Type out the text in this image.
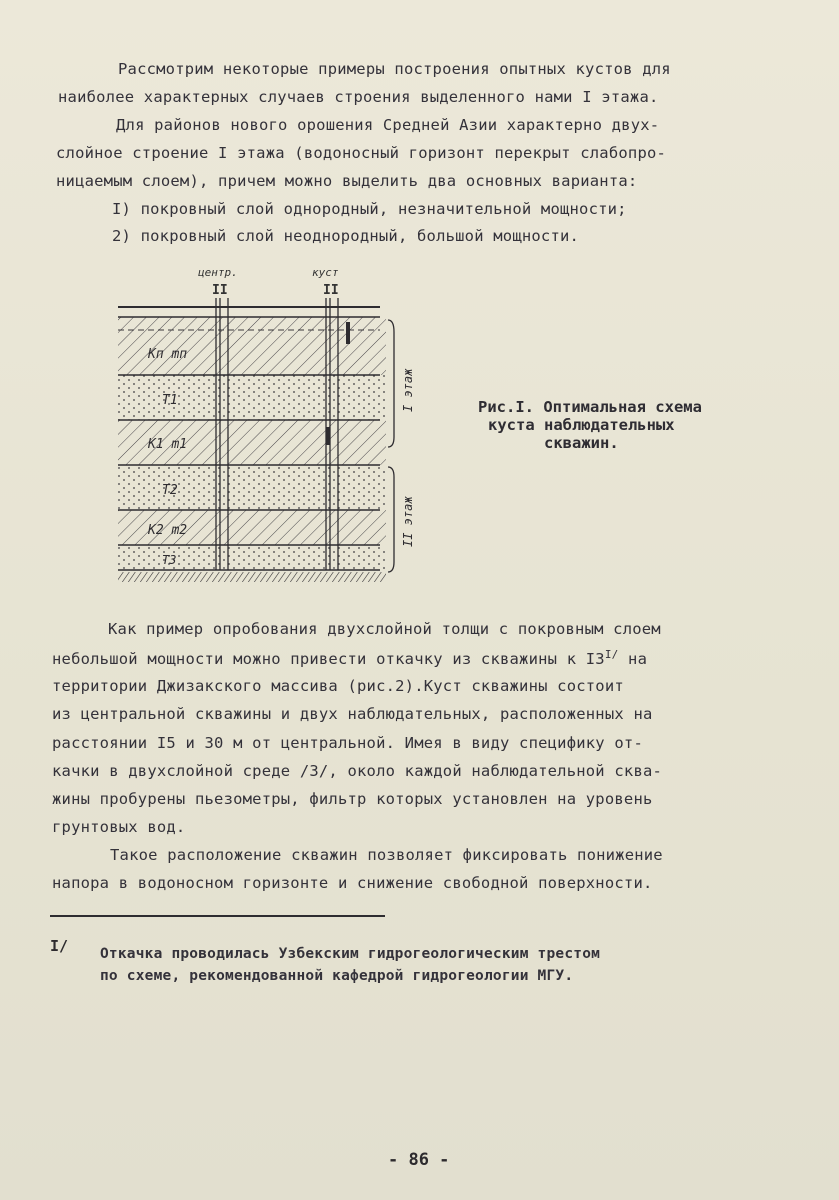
Рассмотрим некоторые примеры построения опытных кустов для
наиболее характерных случаев строения выделенного нами I этажа.
Для районов нового орошения Средней Азии характерно двух-
слойное строение I этажа (водоносный горизонт перекрыт слабопро-
ницаемым слоем), причем можно выделить два основных варианта:
I) покровный слой однородный, незначительной мощности;
2) покровный слой неоднородный, большой мощности.
центр.	куст
II	II
Kп mп
T1
K1 m1
T2
K2 m2
T3
I этаж
II этаж
Рис.I. Оптимальная схема
куста наблюдательных
скважин.
Как пример опробования двухслойной толщи с покровным слоем
небольшой мощности можно привести откачку из скважины к $I3^{I/}$ на
территории Джизакского массива (рис.2).Куст скважины состоит
из центральной скважины и двух наблюдательных, расположенных на
расстоянии I5 и 30 м от центральной. Имея в виду специфику от-
качки в двухслойной среде /3/, около каждой наблюдательной сква-
жины пробурены пьезометры, фильтр которых установлен на уровень
грунтовых вод.
Такое расположение скважин позволяет фиксировать понижение
напора в водоносном горизонте и снижение свободной поверхности.
I/ Откачка проводилась Узбекским гидрогеологическим трестом
по схеме, рекомендованной кафедрой гидрогеологии МГУ.
- 86 -
